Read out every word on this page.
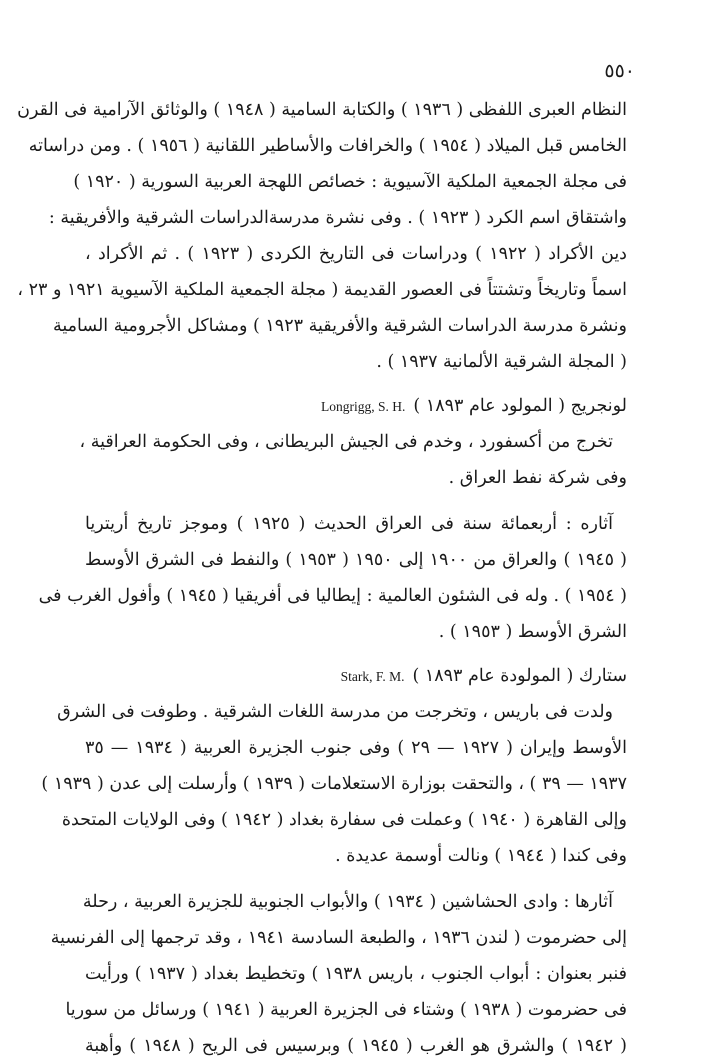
٥٥٠
النظام العبرى اللفظى ( ١٩٣٦ ) والكتابة السامية ( ١٩٤٨ ) والوثائق الآرامية فى القرن
الخامس قبل الميلاد ( ١٩٥٤ ) والخرافات والأساطير اللقانية ( ١٩٥٦ ) . ومن دراساته
فى مجلة الجمعية الملكية الآسيوية : خصائص اللهجة العربية السورية ( ١٩٢٠ )
واشتقاق اسم الكرد ( ١٩٢٣ ) . وفى نشرة مدرسةالدراسات الشرقية والأفريقية :
دين الأكراد ( ١٩٢٢ ) ودراسات فى التاريخ الكردى ( ١٩٢٣ ) . ثم الأكراد ،
اسماً وتاريخاً وتشتتاً فى العصور القديمة ( مجلة الجمعية الملكية الآسيوية ١٩٢١ و ٢٣ ،
ونشرة مدرسة الدراسات الشرقية والأفريقية ١٩٢٣ ) ومشاكل الأجرومية السامية
( المجلة الشرقية الألمانية ١٩٣٧ ) .
لونجريج ( المولود عام ١٨٩٣ )Longrigg, S. H.
تخرج من أكسفورد ، وخدم فى الجيش البريطانى ، وفى الحكومة العراقية ،
وفى شركة نفط العراق .
آثاره : أربعمائة سنة فى العراق الحديث ( ١٩٢٥ ) وموجز تاريخ أريتريا
( ١٩٤٥ ) والعراق من ١٩٠٠ إلى ١٩٥٠ ( ١٩٥٣ ) والنفط فى الشرق الأوسط
( ١٩٥٤ ) . وله فى الشئون العالمية : إيطاليا فى أفريقيا ( ١٩٤٥ ) وأفول الغرب فى
الشرق الأوسط ( ١٩٥٣ ) .
ستارك ( المولودة عام ١٨٩٣ )Stark, F. M.
ولدت فى باريس ، وتخرجت من مدرسة اللغات الشرقية . وطوفت فى الشرق
الأوسط وإيران ( ١٩٢٧ — ٢٩ ) وفى جنوب الجزيرة العربية ( ١٩٣٤ — ٣٥
١٩٣٧ — ٣٩ ) ، والتحقت بوزارة الاستعلامات ( ١٩٣٩ ) وأرسلت إلى عدن ( ١٩٣٩ )
وإلى القاهرة ( ١٩٤٠ ) وعملت فى سفارة بغداد ( ١٩٤٢ ) وفى الولايات المتحدة
وفى كندا ( ١٩٤٤ ) ونالت أوسمة عديدة .
آثارها : وادى الحشاشين ( ١٩٣٤ ) والأبواب الجنوبية للجزيرة العربية ، رحلة
إلى حضرموت ( لندن ١٩٣٦ ، والطبعة السادسة ١٩٤١ ، وقد ترجمها إلى الفرنسية
فنبر بعنوان : أبواب الجنوب ، باريس ١٩٣٨ ) وتخطيط بغداد ( ١٩٣٧ ) ورأيت
فى حضرموت ( ١٩٣٨ ) وشتاء فى الجزيرة العربية ( ١٩٤١ ) ورسائل من سوريا
( ١٩٤٢ ) والشرق هو الغرب ( ١٩٤٥ ) وبرسيس فى الريح ( ١٩٤٨ ) وأهبة
